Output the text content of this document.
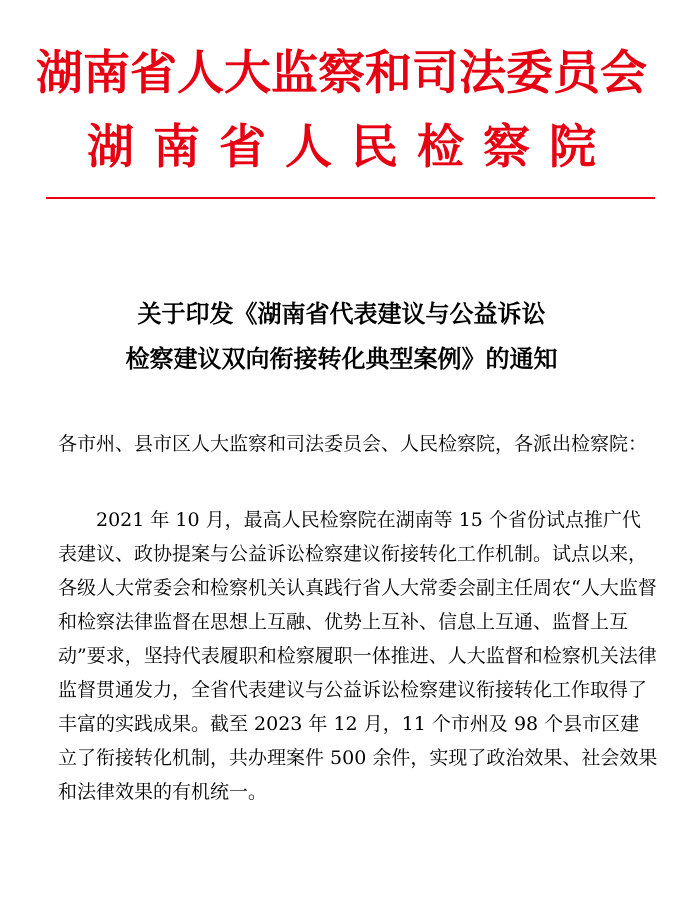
湖南省人大监察和司法委员会
湖南省人民检察院
关于印发《湖南省代表建议与公益诉讼
检察建议双向衔接转化典型案例》的通知
各市州、县市区人大监察和司法委员会、人民检察院，各派出检察院：
2021 年 10 月，最高人民检察院在湖南等 15 个省份试点推广代表建议、政协提案与公益诉讼检察建议衔接转化工作机制。试点以来，各级人大常委会和检察机关认真践行省人大常委会副主任周农“人大监督和检察法律监督在思想上互融、优势上互补、信息上互通、监督上互动”要求，坚持代表履职和检察履职一体推进、人大监督和检察机关法律监督贯通发力，全省代表建议与公益诉讼检察建议衔接转化工作取得了丰富的实践成果。截至 2023 年 12 月，11 个市州及 98 个县市区建立了衔接转化机制，共办理案件 500 余件，实现了政治效果、社会效果和法律效果的有机统一。
